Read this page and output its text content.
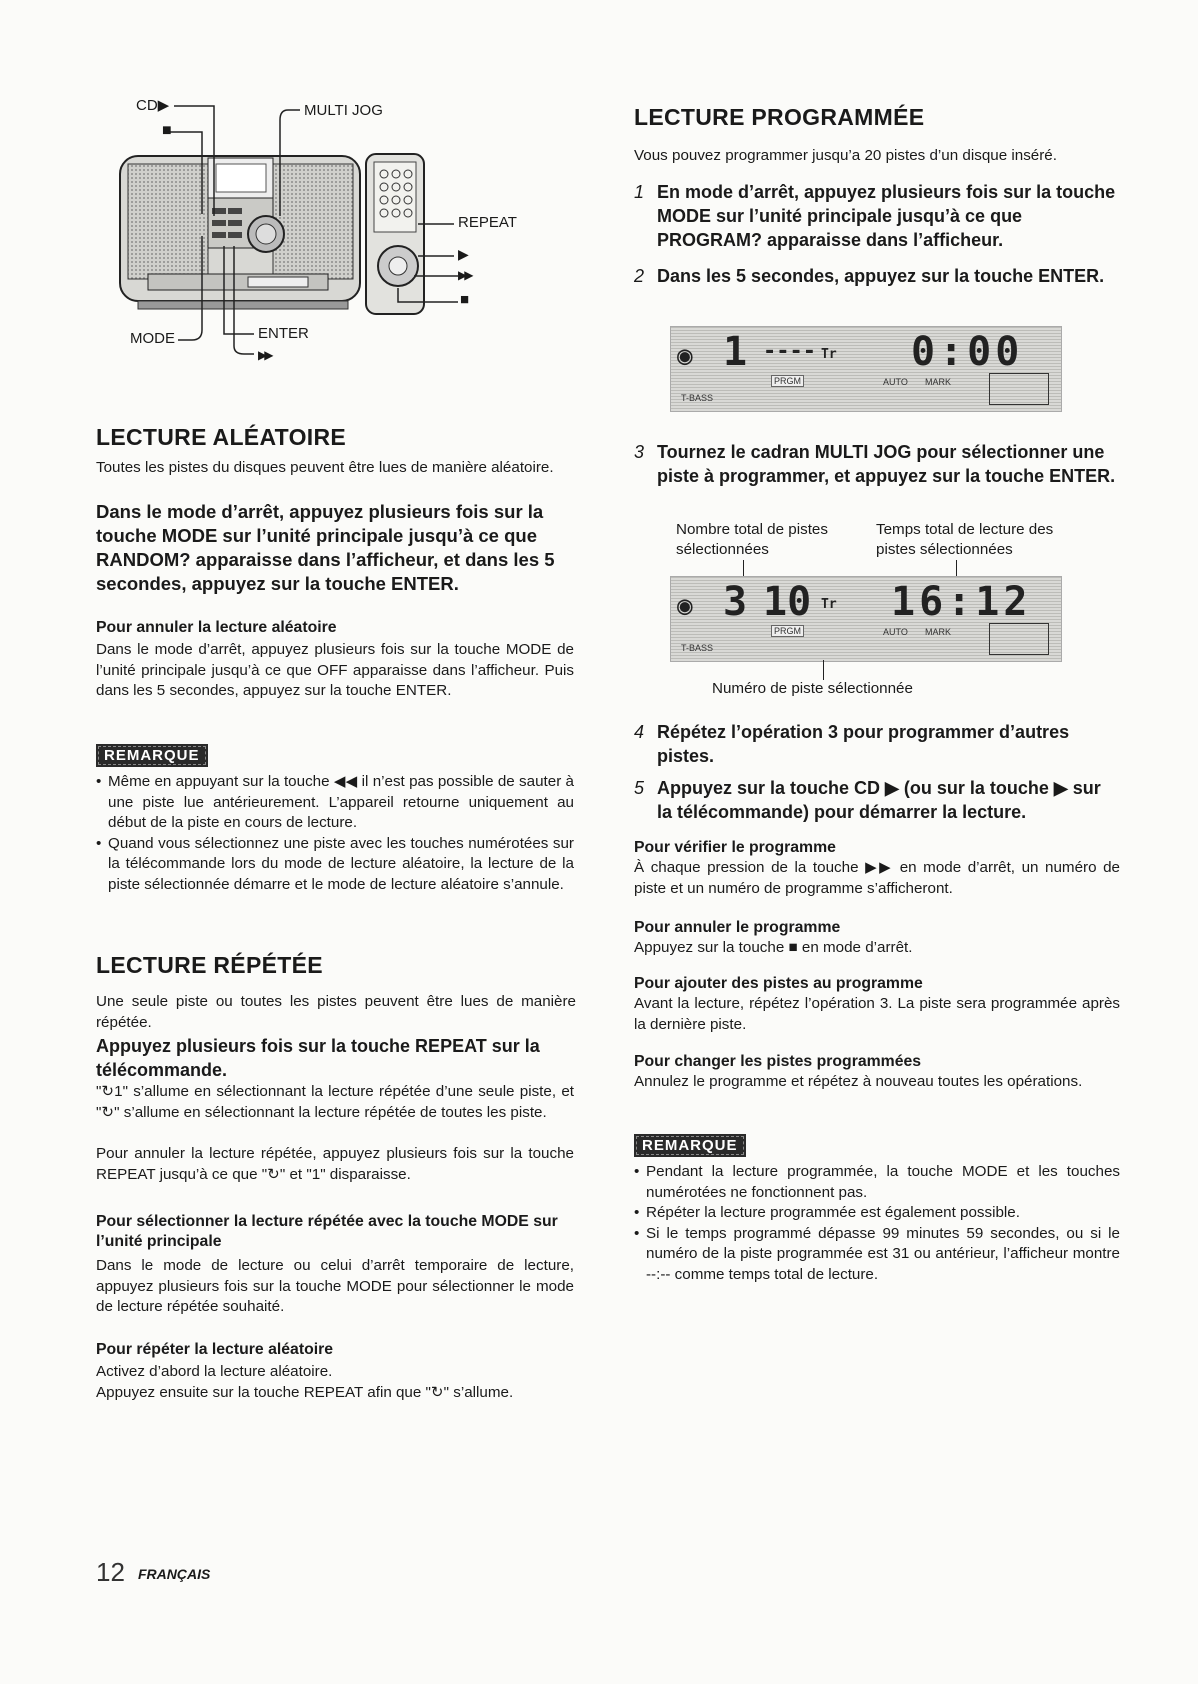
CD▶
■
MULTI JOG
REPEAT
▶
▶▶
■
MODE	ENTER
▶▶
LECTURE ALÉATOIRE

Toutes les pistes du disques peuvent être lues de manière aléatoire.

Dans le mode d’arrêt, appuyez plusieurs fois sur la touche MODE sur l’unité principale jusqu’à ce que RANDOM? apparaisse dans l’afficheur, et dans les 5 secondes, appuyez sur la touche ENTER.

Pour annuler la lecture aléatoire

Dans le mode d’arrêt, appuyez plusieurs fois sur la touche MODE de l’unité principale jusqu’à ce que OFF apparaisse dans l’afficheur. Puis dans les 5 secondes, appuyez sur la touche ENTER.

REMARQUE
• Même en appuyant sur la touche ◀◀ il n’est pas possible de sauter à une piste lue antérieurement. L’appareil retourne uniquement au début de la piste en cours de lecture.
• Quand vous sélectionnez une piste avec les touches numérotées sur la télécommande lors du mode de lecture aléatoire, la lecture de la piste sélectionnée démarre et le mode de lecture aléatoire s’annule.
LECTURE RÉPÉTÉE

Une seule piste ou toutes les pistes peuvent être lues de manière répétée.

Appuyez plusieurs fois sur la touche REPEAT sur la télécommande.

"↻1" s’allume en sélectionnant la lecture répétée d’une seule piste, et "↻" s’allume en sélectionnant la lecture répétée de toutes les piste.

Pour annuler la lecture répétée, appuyez plusieurs fois sur la touche REPEAT jusqu’à ce que "↻" et "1" disparaisse.

Pour sélectionner la lecture répétée avec la touche MODE sur l’unité principale

Dans le mode de lecture ou celui d’arrêt temporaire de lecture, appuyez plusieurs fois sur la touche MODE pour sélectionner le mode de lecture répétée souhaité.

Pour répéter la lecture aléatoire

Activez d’abord la lecture aléatoire.

Appuyez ensuite sur la touche REPEAT afin que "↻" s’allume.

LECTURE PROGRAMMÉE

Vous pouvez programmer jusqu’a 20 pistes d’un disque inséré.

1 En mode d’arrêt, appuyez plusieurs fois sur la touche MODE sur l’unité principale jusqu’à ce que PROGRAM? apparaisse dans l’afficheur.
2 Dans les 5 secondes, appuyez sur la touche ENTER.
◉ 1 ---- Tr 0:00
PRGM	AUTO MARK
T-BASS
3 Tournez le cadran MULTI JOG pour sélectionner une piste à programmer, et appuyez sur la touche ENTER.

Nombre total de pistes sélectionnées

Temps total de lecture des pistes sélectionnées

◉ 3 10 Tr 16:12
PRGM	AUTO MARK
T-BASS

Numéro de piste sélectionnée

4 Répétez l’opération 3 pour programmer d’autres pistes.
5 Appuyez sur la touche CD ▶ (ou sur la touche ▶ sur la télécommande) pour démarrer la lecture.

Pour vérifier le programme

À chaque pression de la touche ▶▶ en mode d’arrêt, un numéro de piste et un numéro de programme s’afficheront.

Pour annuler le programme

Appuyez sur la touche ■ en mode d’arrêt.

Pour ajouter des pistes au programme

Avant la lecture, répétez l’opération 3. La piste sera programmée après la dernière piste.

Pour changer les pistes programmées

Annulez le programme et répétez à nouveau toutes les opérations.

REMARQUE
• Pendant la lecture programmée, la touche MODE et les touches numérotées ne fonctionnent pas.
• Répéter la lecture programmée est également possible.
• Si le temps programmé dépasse 99 minutes 59 secondes, ou si le numéro de la piste programmée est 31 ou antérieur, l’afficheur montre --:-- comme temps total de lecture.
12 FRANÇAIS
